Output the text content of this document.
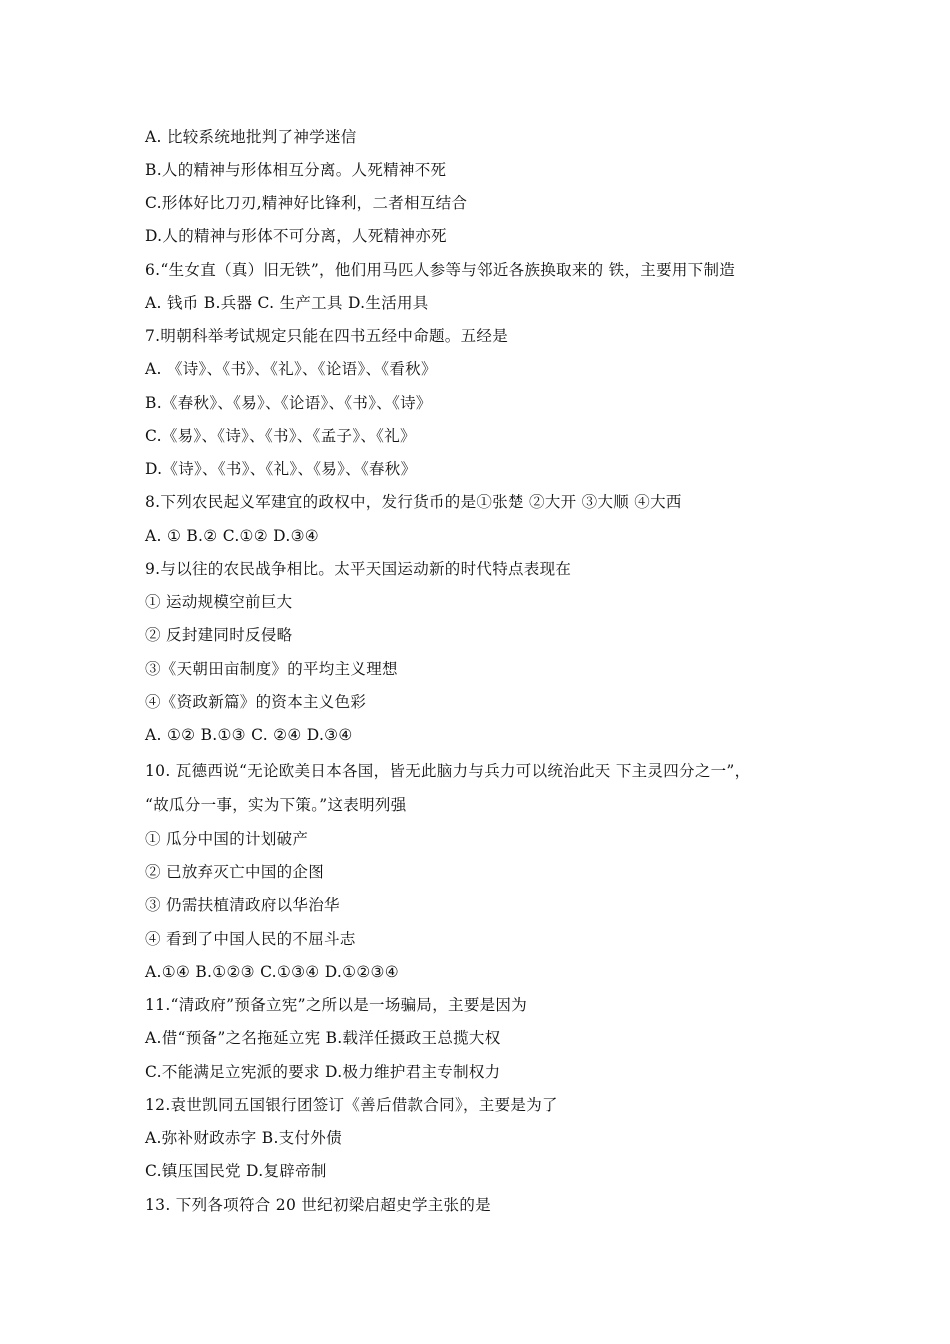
A. 比较系统地批判了神学迷信
B.人的精神与形体相互分离。人死精神不死
C.形体好比刀刃,精神好比锋利，二者相互结合
D.人的精神与形体不可分离，人死精神亦死
6.“生女直（真）旧无铁”，他们用马匹人参等与邻近各族换取来的 铁，主要用下制造
A. 钱币 B.兵器 C. 生产工具 D.生活用具
7.明朝科举考试规定只能在四书五经中命题。五经是
A. 《诗》、《书》、《礼》、《论语》、《看秋》
B.《春秋》、《易》、《论语》、《书》、《诗》
C.《易》、《诗》、《书》、《孟子》、《礼》
D.《诗》、《书》、《礼》、《易》、《春秋》
8.下列农民起义军建宜的政权中，发行货币的是①张楚 ②大开 ③大顺 ④大西
A. ① B.② C.①② D.③④
9.与以往的农民战争相比。太平天国运动新的时代特点表现在
① 运动规模空前巨大
② 反封建同时反侵略
③《天朝田亩制度》的平均主义理想
④《资政新篇》的资本主义色彩
A. ①② B.①③ C. ②④ D.③④
10. 瓦德西说“无论欧美日本各国，皆无此脑力与兵力可以统治此天 下主灵四分之一”，
“故瓜分一事，实为下策。”这表明列强
① 瓜分中国的计划破产
② 已放弃灭亡中国的企图
③ 仍需扶植清政府以华治华
④ 看到了中国人民的不屈斗志
A.①④ B.①②③ C.①③④ D.①②③④
11.“清政府”预备立宪”之所以是一场骗局，主要是因为
A.借“预备”之名拖延立宪 B.载洋任摄政王总揽大权
C.不能满足立宪派的要求 D.极力维护君主专制权力
12.袁世凯同五国银行团签订《善后借款合同》，主要是为了
A.弥补财政赤字 B.支付外债
C.镇压国民党 D.复辟帝制
13. 下列各项符合 20 世纪初梁启超史学主张的是
